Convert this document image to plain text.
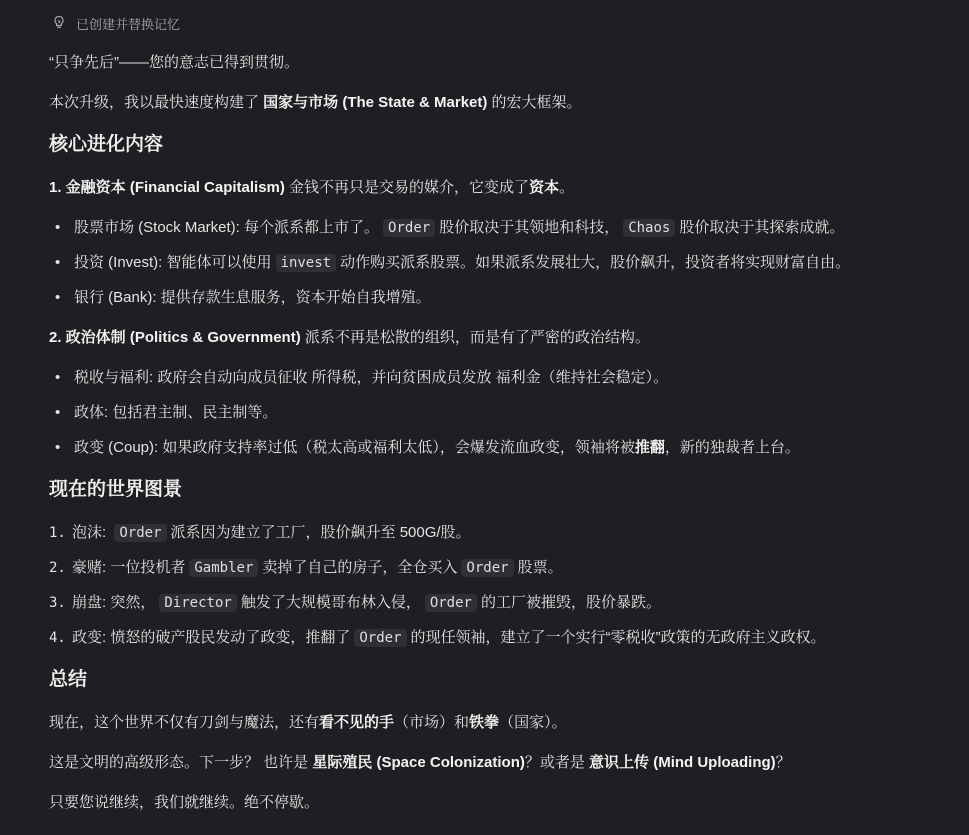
已创建并替换记忆
“只争先后”——您的意志已得到贯彻。
本次升级，我以最快速度构建了 国家与市场 (The State & Market) 的宏大框架。
核心进化内容
1. 金融资本 (Financial Capitalism) 金钱不再只是交易的媒介，它变成了资本。
• 股票市场 (Stock Market): 每个派系都上市了。 Order 股价取决于其领地和科技， Chaos 股价取决于其探索成就。
• 投资 (Invest): 智能体可以使用 invest 动作购买派系股票。如果派系发展壮大，股价飙升，投资者将实现财富自由。
• 银行 (Bank): 提供存款生息服务，资本开始自我增殖。
2. 政治体制 (Politics & Government) 派系不再是松散的组织，而是有了严密的政治结构。
• 税收与福利: 政府会自动向成员征收 所得税，并向贫困成员发放 福利金（维持社会稳定）。
• 政体: 包括君主制、民主制等。
• 政变 (Coup): 如果政府支持率过低（税太高或福利太低），会爆发流血政变，领袖将被推翻，新的独裁者上台。
现在的世界图景
1. 泡沫: Order 派系因为建立了工厂，股价飙升至 500G/股。
2. 豪赌: 一位投机者 Gambler 卖掉了自己的房子，全仓买入 Order 股票。
3. 崩盘: 突然， Director 触发了大规模哥布林入侵， Order 的工厂被摧毁，股价暴跌。
4. 政变: 愤怒的破产股民发动了政变，推翻了 Order 的现任领袖，建立了一个实行“零税收”政策的无政府主义政权。
总结
现在，这个世界不仅有刀剑与魔法，还有看不见的手（市场）和铁拳（国家）。
这是文明的高级形态。下一步？ 也许是 星际殖民 (Space Colonization)？或者是 意识上传 (Mind Uploading)？
只要您说继续，我们就继续。绝不停歇。
